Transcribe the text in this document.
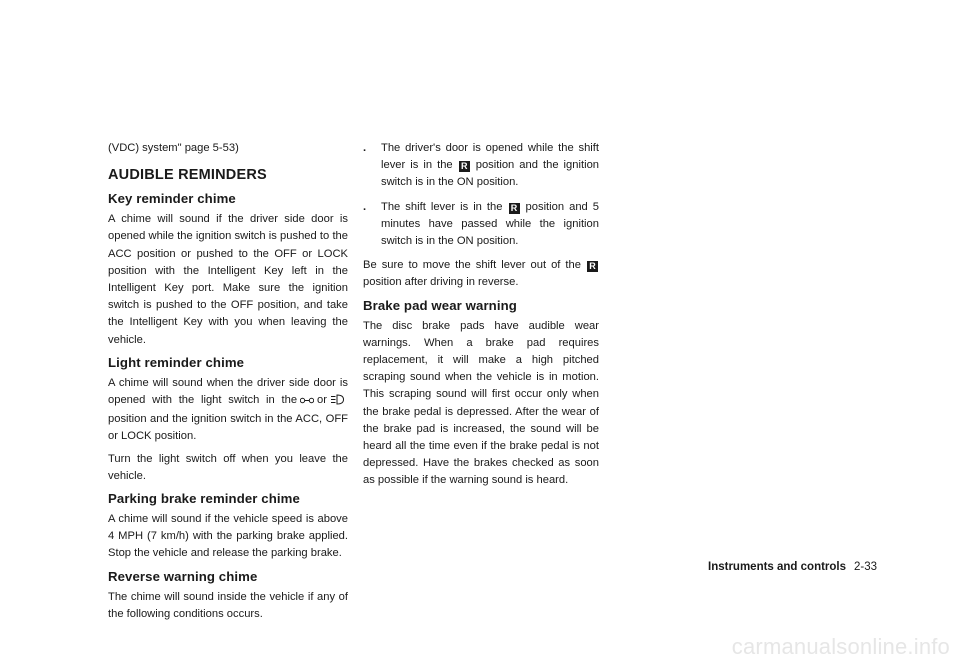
(VDC) system" page 5-53)

AUDIBLE REMINDERS
Key reminder chime

A chime will sound if the driver side door is opened while the ignition switch is pushed to the ACC position or pushed to the OFF or LOCK position with the Intelligent Key left in the Intelligent Key port. Make sure the ignition switch is pushed to the OFF position, and take the Intelligent Key with you when leaving the vehicle.

Light reminder chime

A chime will sound when the driver side door is opened with the light switch in the orposition and the ignition switch in the ACC, OFF or LOCK position.

Turn the light switch off when you leave the vehicle.

Parking brake reminder chime

A chime will sound if the vehicle speed is above 4 MPH (7 km/h) with the parking brake applied. Stop the vehicle and release the parking brake.

Reverse warning chime

The chime will sound inside the vehicle if any of the following conditions occurs.

. The driver's door is opened while the shift lever is in the R position and the ignition switch is in the ON position.
. The shift lever is in the R position and 5 minutes have passed while the ignition switch is in the ON position.

Be sure to move the shift lever out of the R position after driving in reverse.

Brake pad wear warning

The disc brake pads have audible wear warnings. When a brake pad requires replacement, it will make a high pitched scraping sound when the vehicle is in motion. This scraping sound will first occur only when the brake pedal is depressed. After the wear of the brake pad is increased, the sound will be heard all the time even if the brake pedal is not depressed. Have the brakes checked as soon as possible if the warning sound is heard.

Instruments and controls 2-33
carmanualsonline.info
